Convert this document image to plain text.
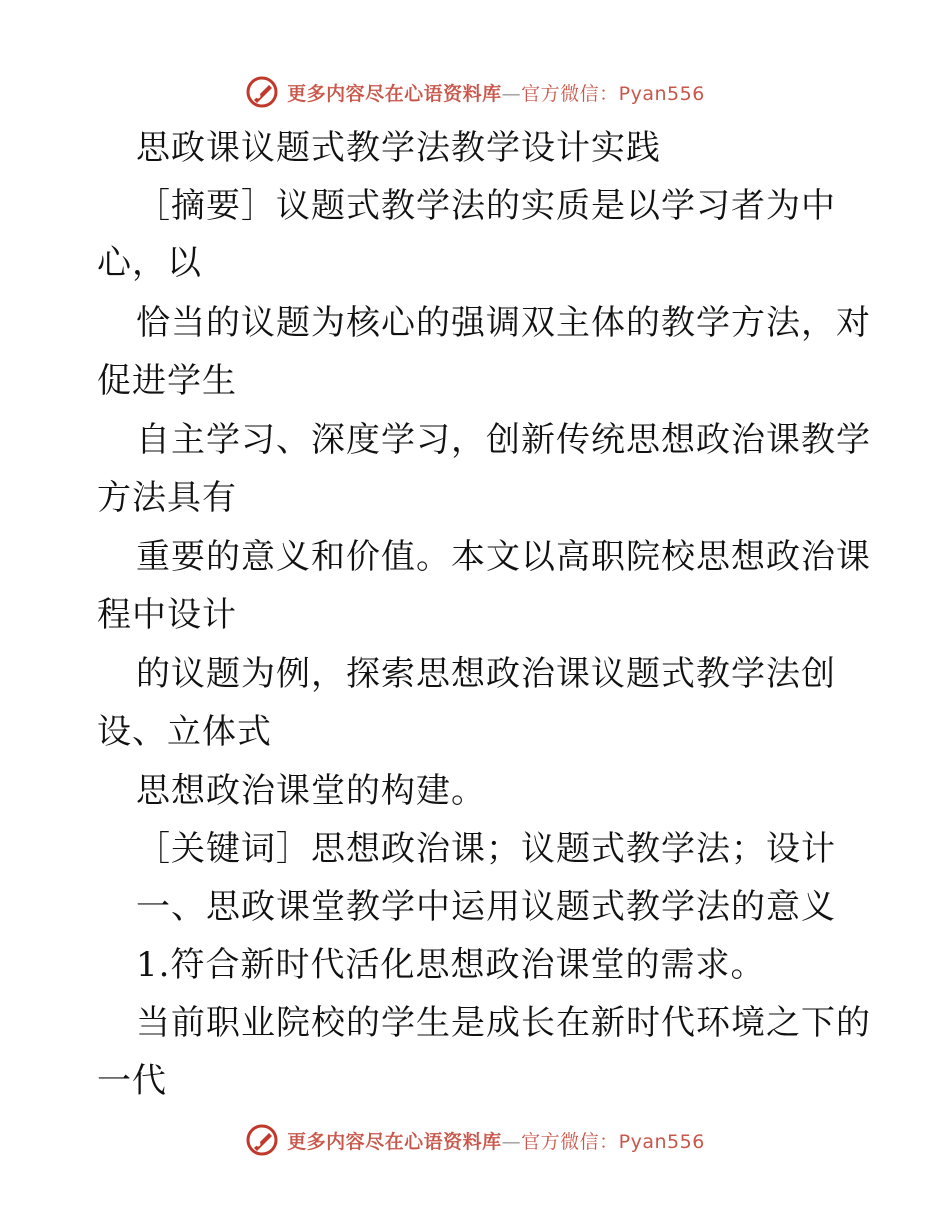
更多内容尽在心语资料库—官方微信：Pyan556
思政课议题式教学法教学设计实践
［摘要］议题式教学法的实质是以学习者为中
心，以
恰当的议题为核心的强调双主体的教学方法，对
促进学生
自主学习、深度学习，创新传统思想政治课教学
方法具有
重要的意义和价值。本文以高职院校思想政治课
程中设计
的议题为例，探索思想政治课议题式教学法创
设、立体式
思想政治课堂的构建。
［关键词］思想政治课；议题式教学法；设计
一、思政课堂教学中运用议题式教学法的意义
1.符合新时代活化思想政治课堂的需求。
当前职业院校的学生是成长在新时代环境之下的
一代
更多内容尽在心语资料库—官方微信：Pyan556
